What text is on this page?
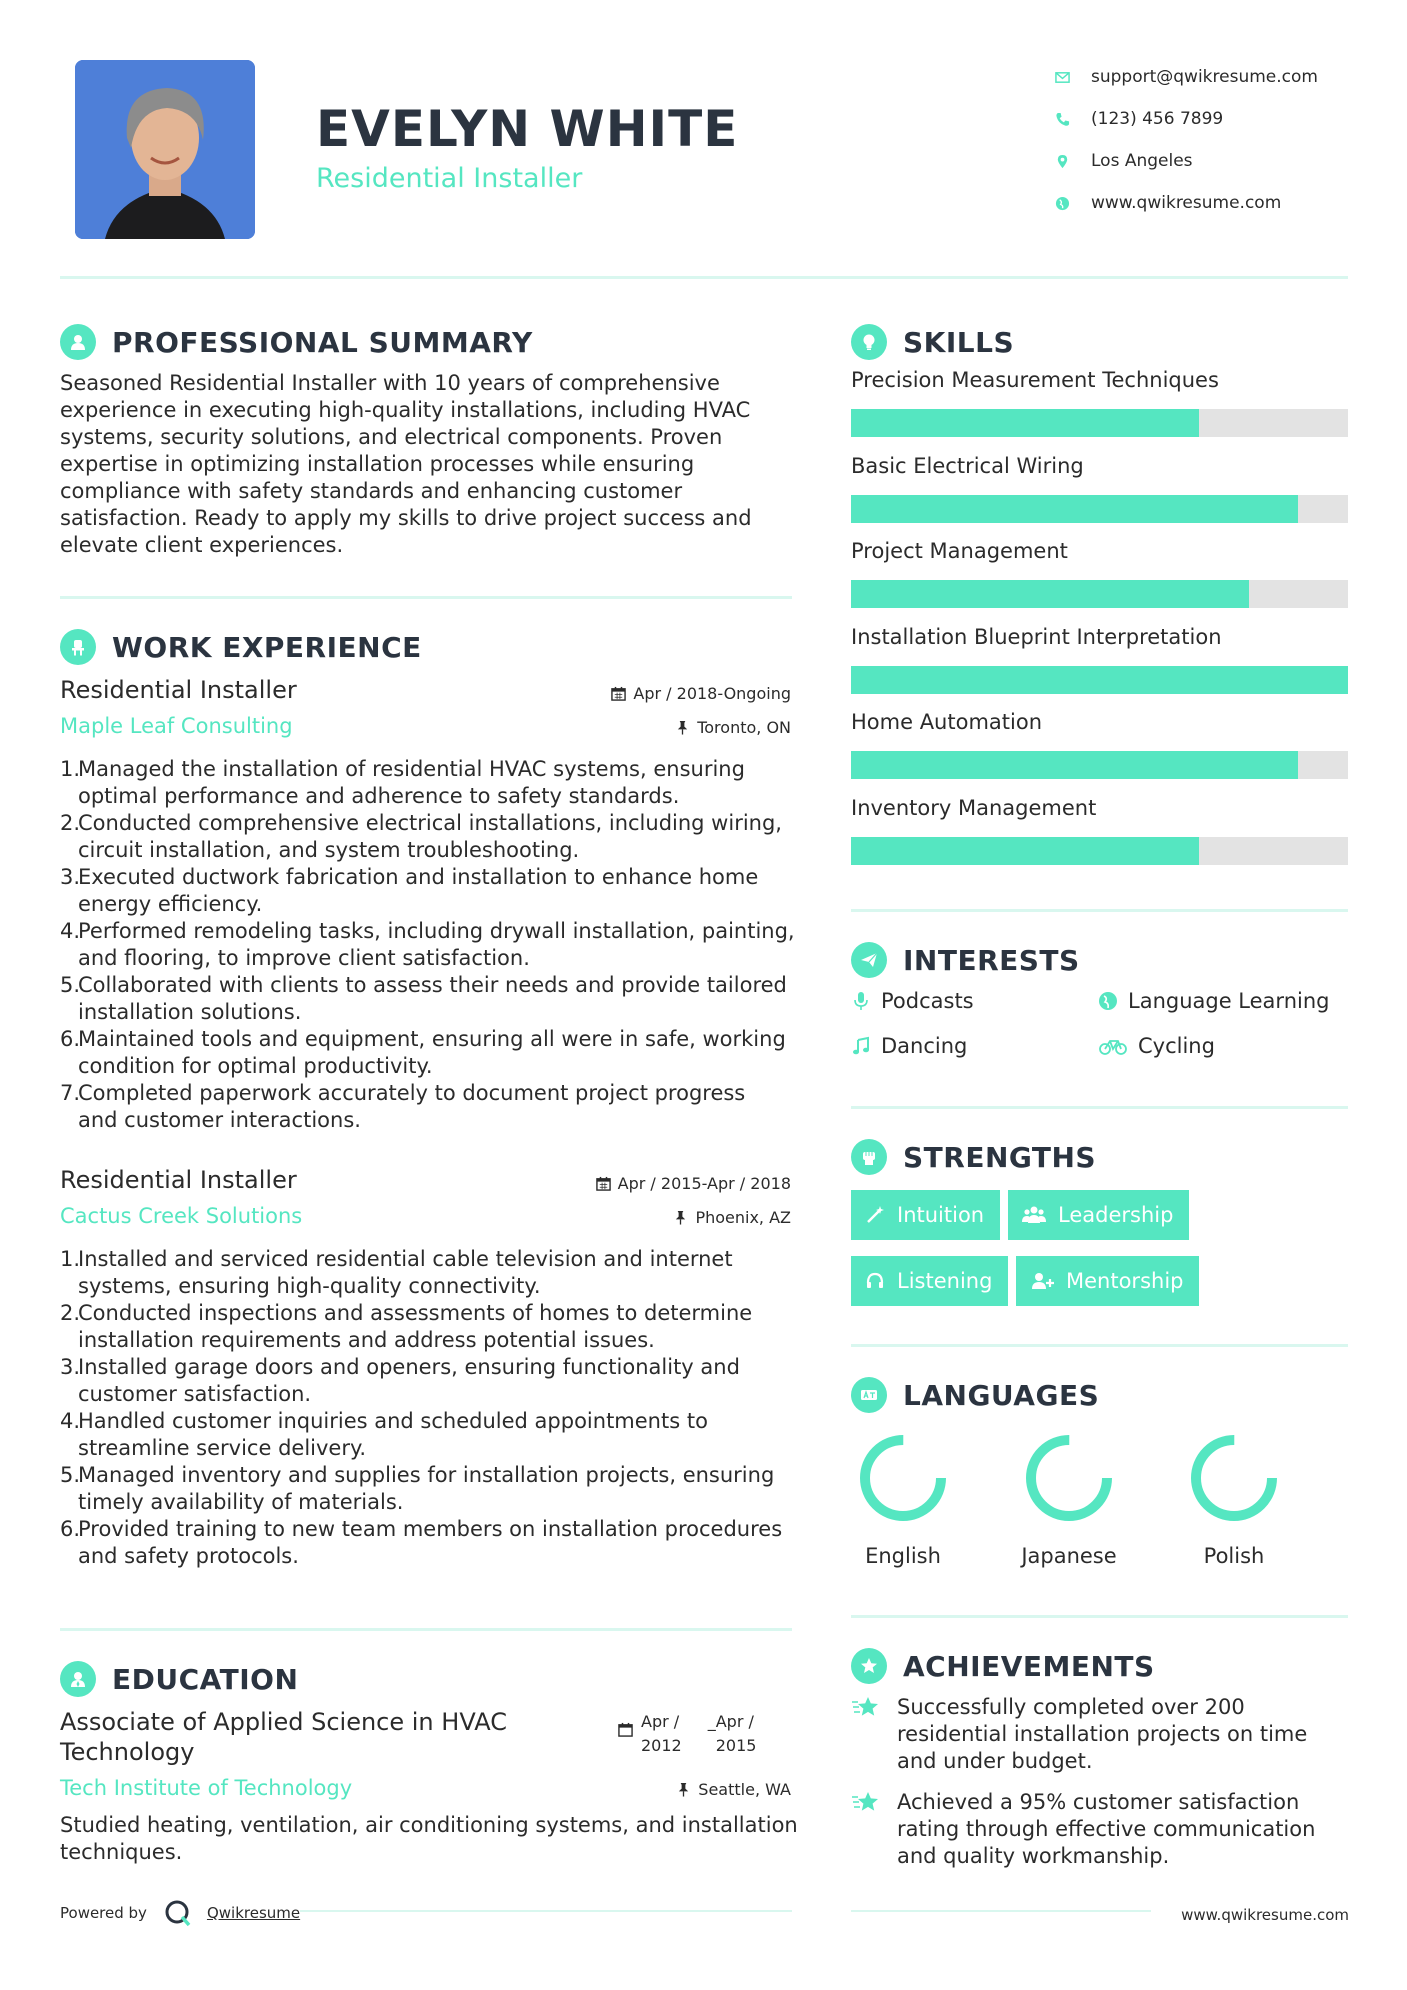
EVELYN WHITE
Residential Installer
support@qwikresume.com
(123) 456 7899
Los Angeles
www.qwikresume.com
PROFESSIONAL SUMMARY
Seasoned Residential Installer with 10 years of comprehensive
experience in executing high-quality installations, including HVAC
systems, security solutions, and electrical components. Proven
expertise in optimizing installation processes while ensuring
compliance with safety standards and enhancing customer
satisfaction. Ready to apply my skills to drive project success and
elevate client experiences.
WORK EXPERIENCE
Residential Installer
Maple Leaf Consulting
Apr / 2018-Ongoing
Toronto, ON
1.
Managed the installation of residential HVAC systems, ensuring
optimal performance and adherence to safety standards.
2.
Conducted comprehensive electrical installations, including wiring,
circuit installation, and system troubleshooting.
3.
Executed ductwork fabrication and installation to enhance home
energy efficiency.
4.
Performed remodeling tasks, including drywall installation, painting,
and flooring, to improve client satisfaction.
5.
Collaborated with clients to assess their needs and provide tailored
installation solutions.
6.
Maintained tools and equipment, ensuring all were in safe, working
condition for optimal productivity.
7.
Completed paperwork accurately to document project progress
and customer interactions.
Residential Installer
Cactus Creek Solutions
Apr / 2015-Apr / 2018
Phoenix, AZ
1.
Installed and serviced residential cable television and internet
systems, ensuring high-quality connectivity.
2.
Conducted inspections and assessments of homes to determine
installation requirements and address potential issues.
3.
Installed garage doors and openers, ensuring functionality and
customer satisfaction.
4.
Handled customer inquiries and scheduled appointments to
streamline service delivery.
5.
Managed inventory and supplies for installation projects, ensuring
timely availability of materials.
6.
Provided training to new team members on installation procedures
and safety protocols.
EDUCATION
Associate of Applied Science in HVAC
Technology
Tech Institute of Technology
Apr /
2012
_Apr /
2015
Seattle, WA
Studied heating, ventilation, air conditioning systems, and installation
techniques.
SKILLS
Precision Measurement Techniques
Basic Electrical Wiring
Project Management
Installation Blueprint Interpretation
Home Automation
Inventory Management
INTERESTS
Podcasts	Language Learning
Dancing	Cycling
STRENGTHS
Intuition	Leadership
Listening	Mentorship
LANGUAGES
English	Japanese	Polish
ACHIEVEMENTS
Successfully completed over 200
residential installation projects on time
and under budget.
Achieved a 95% customer satisfaction
rating through effective communication
and quality workmanship.
Powered by	Qwikresume	www.qwikresume.com
